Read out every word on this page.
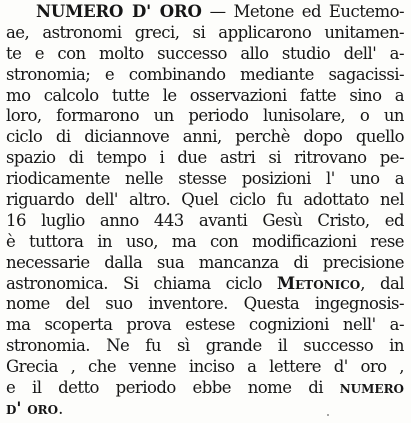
NUMERO D' ORO — Metone ed Euctemo-
ae, astronomi greci, si applicarono unitamen-
te e con molto successo allo studio dell' a-
stronomia; e combinando mediante sagacissi-
mo calcolo tutte le osservazioni fatte sino a
loro, formarono un periodo lunisolare, o un
ciclo di diciannove anni, perchè dopo quello
spazio di tempo i due astri si ritrovano pe-
riodicamente nelle stesse posizioni l' uno a
riguardo dell' altro. Quel ciclo fu adottato nel
16 luglio anno 443 avanti Gesù Cristo, ed
è tuttora in uso, ma con modificazioni rese
necessarie dalla sua mancanza di precisione
astronomica. Si chiama ciclo Metonico, dal
nome del suo inventore. Questa ingegnosis-
ma scoperta prova estese cognizioni nell' a-
stronomia. Ne fu sì grande il successo in
Grecia , che venne inciso a lettere d' oro ,
e il detto periodo ebbe nome di numero
d' oro.
